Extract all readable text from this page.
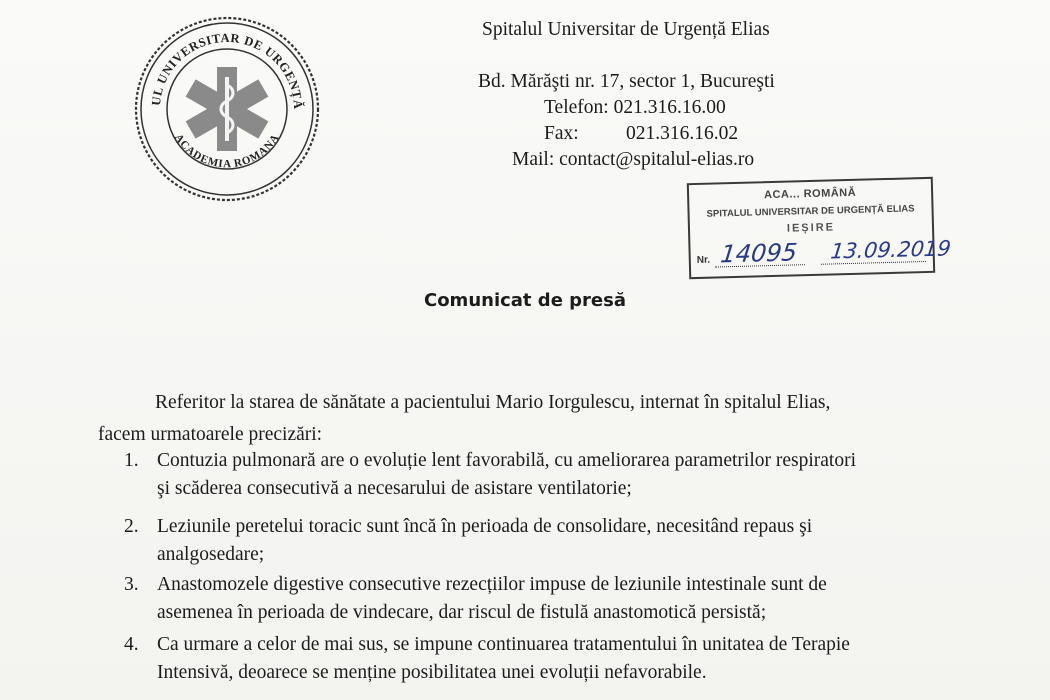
UL UNIVERSITAR DE URGENȚĂ
ACADEMIA ROMANA
Spitalul Universitar de Urgență Elias
Bd. Mărăşti nr. 17, sector 1, Bucureşti
Telefon: 021.316.16.00
Fax: 021.316.16.02
Mail: contact@spitalul-elias.ro
ACA... ROMÂNĂ
SPITALUL UNIVERSITAR DE URGENȚĂ ELIAS
IEȘIRE
Nr. 14095 13.09.2019
Comunicat de presă
Referitor la starea de sănătate a pacientului Mario Iorgulescu, internat în spitalul Elias,
facem urmatoarele precizări:
1. Contuzia pulmonară are o evoluție lent favorabilă, cu ameliorarea parametrilor respiratori
şi scăderea consecutivă a necesarului de asistare ventilatorie;
2. Leziunile peretelui toracic sunt încă în perioada de consolidare, necesitând repaus şi
analgosedare;
3. Anastomozele digestive consecutive rezecțiilor impuse de leziunile intestinale sunt de
asemenea în perioada de vindecare, dar riscul de fistulă anastomotică persistă;
4. Ca urmare a celor de mai sus, se impune continuarea tratamentului în unitatea de Terapie
Intensivă, deoarece se menține posibilitatea unei evoluții nefavorabile.
